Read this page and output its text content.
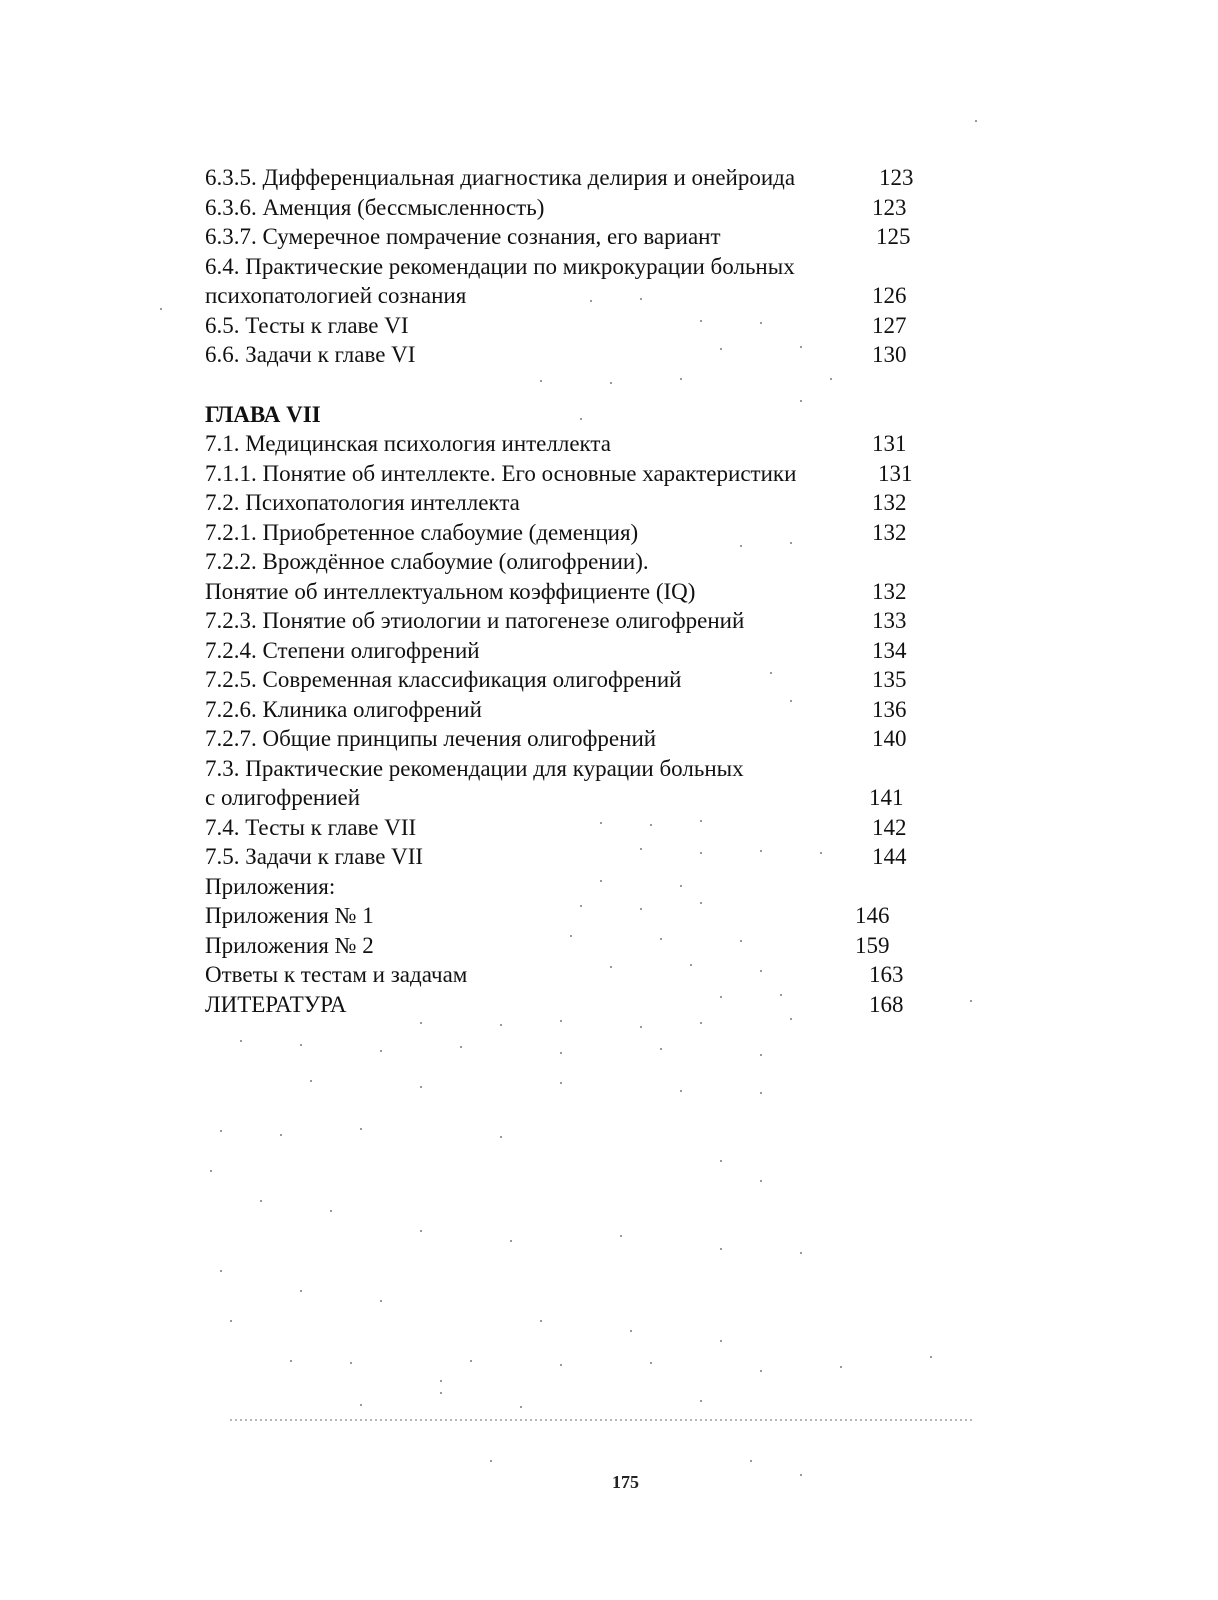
6.3.5. Дифференциальная диагностика делирия и онейроида	123
6.3.6. Аменция (бессмысленность)	123
6.3.7. Сумеречное помрачение сознания, его вариант	125
6.4. Практические рекомендации по микрокурации больных
психопатологией сознания	126
6.5. Тесты к главе VI	127
6.6. Задачи к главе VI	130
ГЛАВА VII
7.1. Медицинская психология интеллекта	131
7.1.1. Понятие об интеллекте. Его основные характеристики	131
7.2. Психопатология интеллекта	132
7.2.1. Приобретенное слабоумие (деменция)	132
7.2.2. Врождённое слабоумие (олигофрении).
Понятие об интеллектуальном коэффициенте (IQ)	132
7.2.3. Понятие об этиологии и патогенезе олигофрений	133
7.2.4. Степени олигофрений	134
7.2.5. Современная классификация олигофрений	135
7.2.6. Клиника олигофрений	136
7.2.7. Общие принципы лечения олигофрений	140
7.3. Практические рекомендации для курации больных
с олигофренией	141
7.4. Тесты к главе VII	142
7.5. Задачи к главе VII	144
Приложения:
Приложения № 1	146
Приложения № 2	159
Ответы к тестам и задачам	163
ЛИТЕРАТУРА	168
175
